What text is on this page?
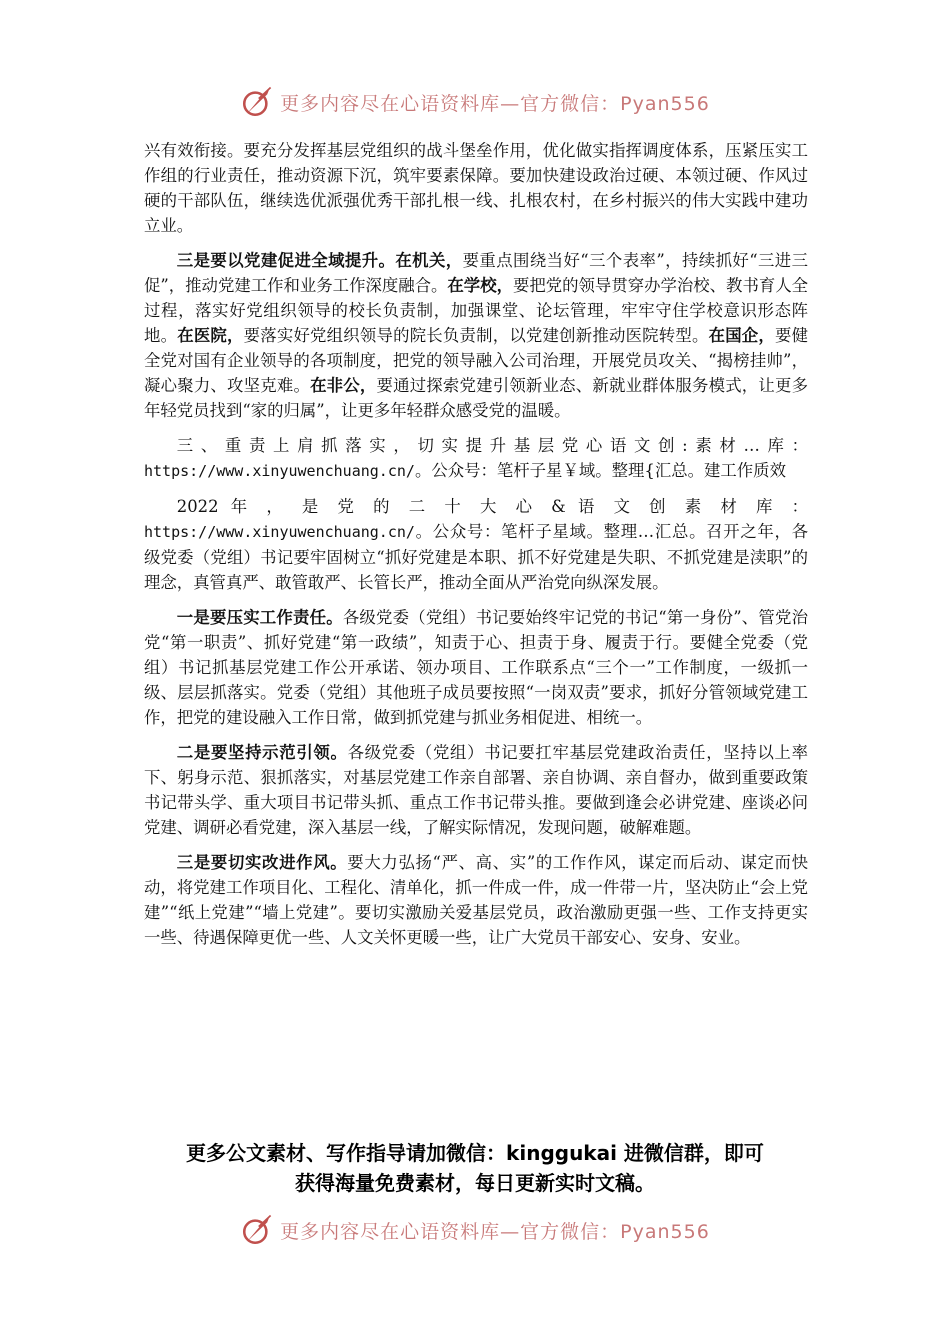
更多内容尽在心语资料库—官方微信：Pyan556

兴有效衔接。要充分发挥基层党组织的战斗堡垒作用，优化做实指挥调度体系，压紧压实工作组的行业责任，推动资源下沉，筑牢要素保障。要加快建设政治过硬、本领过硬、作风过硬的干部队伍，继续选优派强优秀干部扎根一线、扎根农村，在乡村振兴的伟大实践中建功立业。

三是要以党建促进全域提升。在机关，要重点围绕当好“三个表率”，持续抓好“三进三促”，推动党建工作和业务工作深度融合。在学校，要把党的领导贯穿办学治校、教书育人全过程，落实好党组织领导的校长负责制，加强课堂、论坛管理，牢牢守住学校意识形态阵地。在医院，要落实好党组织领导的院长负责制，以党建创新推动医院转型。在国企，要健全党对国有企业领导的各项制度，把党的领导融入公司治理，开展党员攻关、“揭榜挂帅”，凝心聚力、攻坚克难。在非公，要通过探索党建引领新业态、新就业群体服务模式，让更多年轻党员找到“家的归属”，让更多年轻群众感受党的温暖。

三、重责上肩抓落实，切实提升基层党心语文创:素材…库：https://www.xinyuwenchuang.cn/。公众号：笔杆子星￥域。整理{汇总。建工作质效

2022 年 ， 是 党 的 二 十 大 心 & 语 文 创 素 材 库 ：https://www.xinyuwenchuang.cn/。公众号：笔杆子星域。整理…汇总。召开之年，各级党委（党组）书记要牢固树立“抓好党建是本职、抓不好党建是失职、不抓党建是渎职”的理念，真管真严、敢管敢严、长管长严，推动全面从严治党向纵深发展。

一是要压实工作责任。各级党委（党组）书记要始终牢记党的书记“第一身份”、管党治党“第一职责”、抓好党建“第一政绩”，知责于心、担责于身、履责于行。要健全党委（党组）书记抓基层党建工作公开承诺、领办项目、工作联系点“三个一”工作制度，一级抓一级、层层抓落实。党委（党组）其他班子成员要按照“一岗双责”要求，抓好分管领域党建工作，把党的建设融入工作日常，做到抓党建与抓业务相促进、相统一。

二是要坚持示范引领。各级党委（党组）书记要扛牢基层党建政治责任，坚持以上率下、躬身示范、狠抓落实，对基层党建工作亲自部署、亲自协调、亲自督办，做到重要政策书记带头学、重大项目书记带头抓、重点工作书记带头推。要做到逢会必讲党建、座谈必问党建、调研必看党建，深入基层一线，了解实际情况，发现问题，破解难题。

三是要切实改进作风。要大力弘扬“严、高、实”的工作作风，谋定而后动、谋定而快动，将党建工作项目化、工程化、清单化，抓一件成一件，成一件带一片，坚决防止“会上党建”“纸上党建”“墙上党建”。要切实激励关爱基层党员，政治激励更强一些、工作支持更实一些、待遇保障更优一些、人文关怀更暖一些，让广大党员干部安心、安身、安业。

更多公文素材、写作指导请加微信：kinggukai 进微信群，即可
获得海量免费素材，每日更新实时文稿。
更多内容尽在心语资料库—官方微信：Pyan556
